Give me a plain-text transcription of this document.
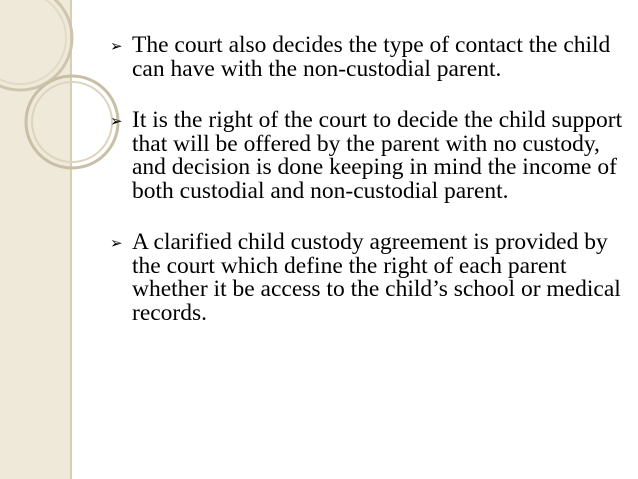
➢ The court also decides the type of contact the child can have with the non-custodial parent.
➢ It is the right of the court to decide the child support that will be offered by the parent with no custody, and decision is done keeping in mind the income of both custodial and non-custodial parent.
➢ A clarified child custody agreement is provided by the court which define the right of each parent whether it be access to the child’s school or medical records.
